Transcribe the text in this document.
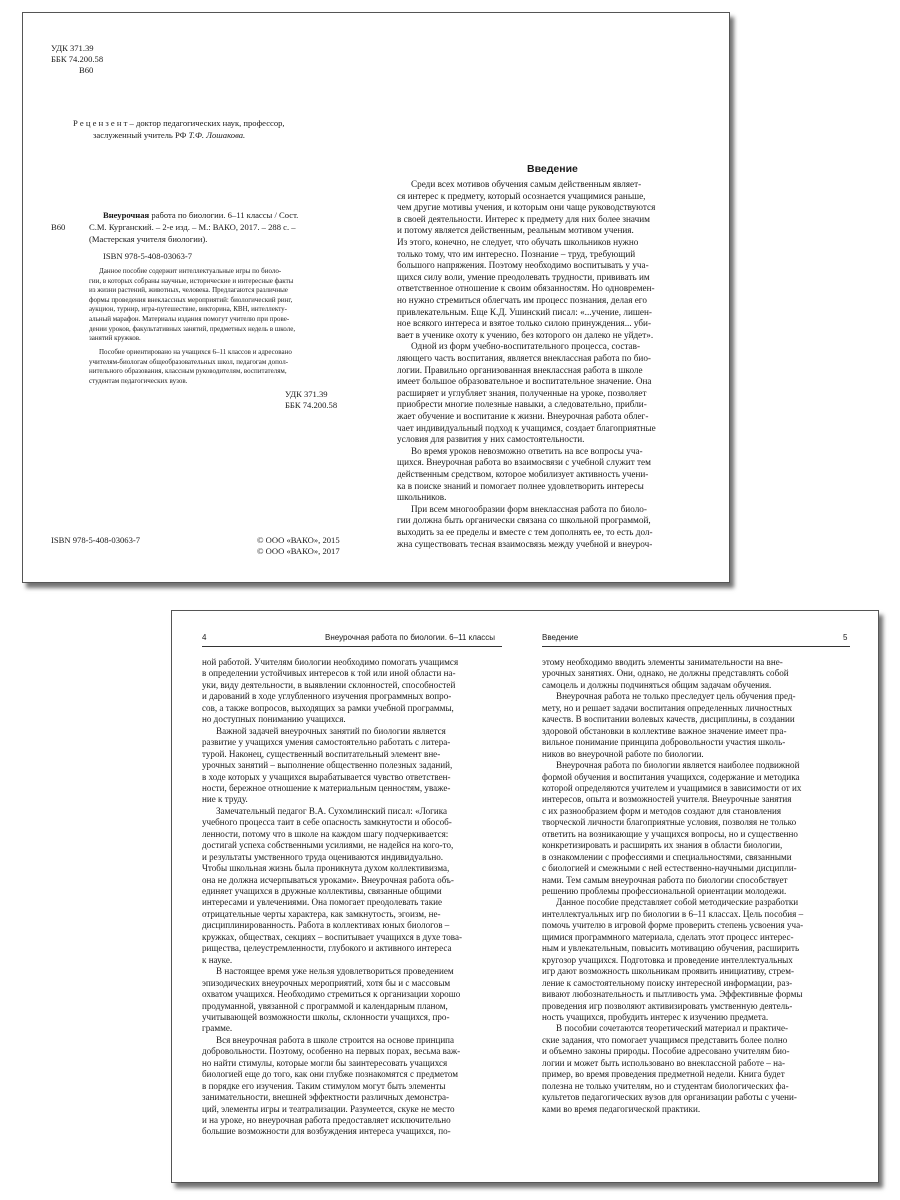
УДК 371.39
ББК 74.200.58
В60
Р е ц е н з е н т – доктор педагогических наук, профессор,
заслуженный учитель РФ Т.Ф. Лошакова.
В60
Внеурочная работа по биологии. 6–11 классы / Сост.
С.М. Курганский. – 2-е изд. – М.: ВАКО, 2017. – 288 с. –
(Мастерская учителя биологии).
ISBN 978-5-408-03063-7
Данное пособие содержит интеллектуальные игры по биоло-
гии, в которых собраны научные, исторические и интересные факты
из жизни растений, животных, человека. Предлагаются различные
формы проведения внеклассных мероприятий: биологический ринг,
аукцион, турнир, игра-путешествие, викторина, КВН, интеллекту-
альный марафон. Материалы издания помогут учителю при прове-
дении уроков, факультативных занятий, предметных недель в школе,
занятий кружков.
Пособие ориентировано на учащихся 6–11 классов и адресовано
учителям-биологам общеобразовательных школ, педагогам допол-
нительного образования, классным руководителям, воспитателям,
студентам педагогических вузов.
УДК 371.39
ББК 74.200.58
ISBN 978-5-408-03063-7	© ООО «ВАКО», 2015
© ООО «ВАКО», 2017
Введение
Среди всех мотивов обучения самым действенным являет-
ся интерес к предмету, который осознается учащимися раньше,
чем другие мотивы учения, и которым они чаще руководствуются
в своей деятельности. Интерес к предмету для них более значим
и потому является действенным, реальным мотивом учения.
Из этого, конечно, не следует, что обучать школьников нужно
только тому, что им интересно. Познание – труд, требующий
большого напряжения. Поэтому необходимо воспитывать у уча-
щихся силу воли, умение преодолевать трудности, прививать им
ответственное отношение к своим обязанностям. Но одновремен-
но нужно стремиться облегчать им процесс познания, делая его
привлекательным. Еще К.Д. Ушинский писал: «...учение, лишен-
ное всякого интереса и взятое только силою принуждения... уби-
вает в ученике охоту к учению, без которого он далеко не уйдет».
Одной из форм учебно-воспитательного процесса, состав-
ляющего часть воспитания, является внеклассная работа по био-
логии. Правильно организованная внеклассная работа в школе
имеет большое образовательное и воспитательное значение. Она
расширяет и углубляет знания, полученные на уроке, позволяет
приобрести многие полезные навыки, а следовательно, прибли-
жает обучение и воспитание к жизни. Внеурочная работа облег-
чает индивидуальный подход к учащимся, создает благоприятные
условия для развития у них самостоятельности.
Во время уроков невозможно ответить на все вопросы уча-
щихся. Внеурочная работа во взаимосвязи с учебной служит тем
действенным средством, которое мобилизует активность учени-
ка в поиске знаний и помогает полнее удовлетворить интересы
школьников.
При всем многообразии форм внеклассная работа по биоло-
гии должна быть органически связана со школьной программой,
выходить за ее пределы и вместе с тем дополнять ее, то есть дол-
жна существовать тесная взаимосвязь между учебной и внеуроч-
4	Внеурочная работа по биологии. 6–11 классы
ной работой. Учителям биологии необходимо помогать учащимся
в определении устойчивых интересов к той или иной области на-
уки, виду деятельности, в выявлении склонностей, способностей
и дарований в ходе углубленного изучения программных вопро-
сов, а также вопросов, выходящих за рамки учебной программы,
но доступных пониманию учащихся.
Важной задачей внеурочных занятий по биологии является
развитие у учащихся умения самостоятельно работать с литера-
турой. Наконец, существенный воспитательный элемент вне-
урочных занятий – выполнение общественно полезных заданий,
в ходе которых у учащихся вырабатывается чувство ответствен-
ности, бережное отношение к материальным ценностям, уваже-
ние к труду.
Замечательный педагог В.А. Сухомлинский писал: «Логика
учебного процесса таит в себе опасность замкнутости и обособ-
ленности, потому что в школе на каждом шагу подчеркивается:
достигай успеха собственными усилиями, не надейся на кого-то,
и результаты умственного труда оцениваются индивидуально.
Чтобы школьная жизнь была проникнута духом коллективизма,
она не должна исчерпываться уроками». Внеурочная работа объ-
единяет учащихся в дружные коллективы, связанные общими
интересами и увлечениями. Она помогает преодолевать такие
отрицательные черты характера, как замкнутость, эгоизм, не-
дисциплинированность. Работа в коллективах юных биологов –
кружках, обществах, секциях – воспитывает учащихся в духе това-
рищества, целеустремленности, глубокого и активного интереса
к науке.
В настоящее время уже нельзя удовлетвориться проведением
эпизодических внеурочных мероприятий, хотя бы и с массовым
охватом учащихся. Необходимо стремиться к организации хорошо
продуманной, увязанной с программой и календарным планом,
учитывающей возможности школы, склонности учащихся, про-
грамме.
Вся внеурочная работа в школе строится на основе принципа
добровольности. Поэтому, особенно на первых порах, весьма важ-
но найти стимулы, которые могли бы заинтересовать учащихся
биологией еще до того, как они глубже познакомятся с предметом
в порядке его изучения. Таким стимулом могут быть элементы
занимательности, внешней эффектности различных демонстра-
ций, элементы игры и театрализации. Разумеется, скуке не место
и на уроке, но внеурочная работа предоставляет исключительно
большие возможности для возбуждения интереса учащихся, по-
Введение	5
этому необходимо вводить элементы занимательности на вне-
урочных занятиях. Они, однако, не должны представлять собой
самоцель и должны подчиняться общим задачам обучения.
Внеурочная работа не только преследует цель обучения пред-
мету, но и решает задачи воспитания определенных личностных
качеств. В воспитании волевых качеств, дисциплины, в создании
здоровой обстановки в коллективе важное значение имеет пра-
вильное понимание принципа добровольности участия школь-
ников во внеурочной работе по биологии.
Внеурочная работа по биологии является наиболее подвижной
формой обучения и воспитания учащихся, содержание и методика
которой определяются учителем и учащимися в зависимости от их
интересов, опыта и возможностей учителя. Внеурочные занятия
с их разнообразием форм и методов создают для становления
творческой личности благоприятные условия, позволяя не только
ответить на возникающие у учащихся вопросы, но и существенно
конкретизировать и расширять их знания в области биологии,
в ознакомлении с профессиями и специальностями, связанными
с биологией и смежными с ней естественно-научными дисципли-
нами. Тем самым внеурочная работа по биологии способствует
решению проблемы профессиональной ориентации молодежи.
Данное пособие представляет собой методические разработки
интеллектуальных игр по биологии в 6–11 классах. Цель пособия –
помочь учителю в игровой форме проверить степень усвоения уча-
щимися программного материала, сделать этот процесс интерес-
ным и увлекательным, повысить мотивацию обучения, расширить
кругозор учащихся. Подготовка и проведение интеллектуальных
игр дают возможность школьникам проявить инициативу, стрем-
ление к самостоятельному поиску интересной информации, раз-
вивают любознательность и пытливость ума. Эффективные формы
проведения игр позволяют активизировать умственную деятель-
ность учащихся, пробудить интерес к изучению предмета.
В пособии сочетаются теоретический материал и практиче-
ские задания, что помогает учащимся представить более полно
и объемно законы природы. Пособие адресовано учителям био-
логии и может быть использовано во внеклассной работе – на-
пример, во время проведения предметной недели. Книга будет
полезна не только учителям, но и студентам биологических фа-
культетов педагогических вузов для организации работы с учени-
ками во время педагогической практики.
